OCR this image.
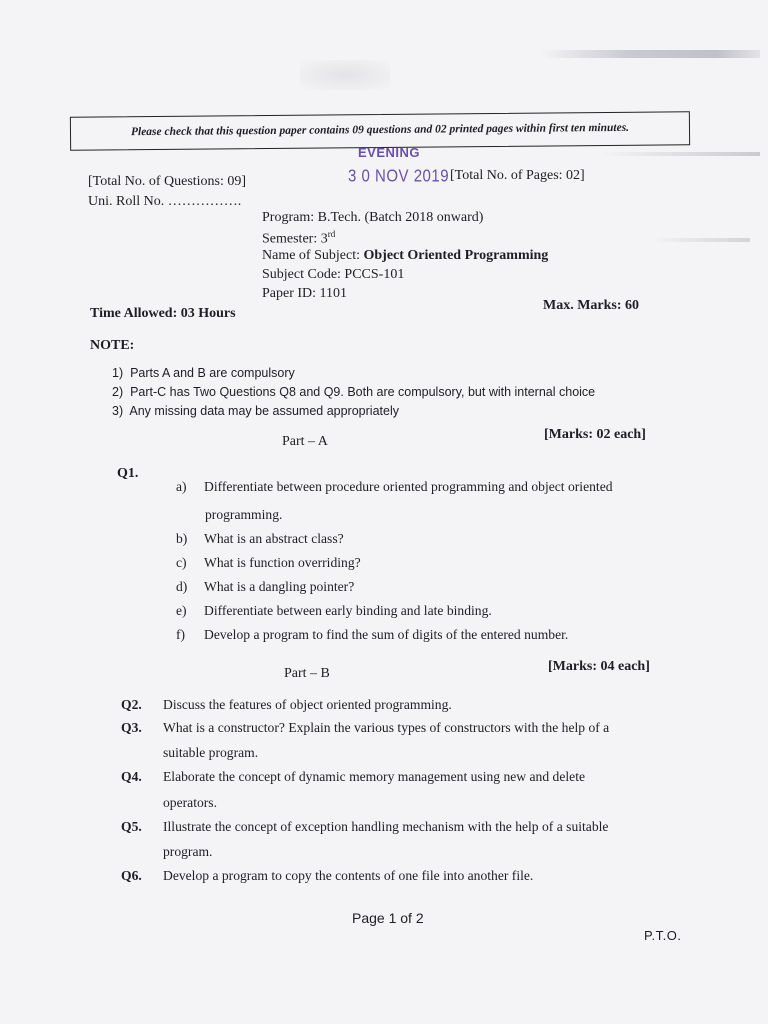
Please check that this question paper contains 09 questions and 02 printed pages within first ten minutes.
EVENING
3 0 NOV 2019
[Total No. of Questions: 09]	[Total No. of Pages: 02]
Uni. Roll No. …………….
Program: B.Tech. (Batch 2018 onward)
Semester: 3rd
Name of Subject: Object Oriented Programming
Subject Code: PCCS-101
Paper ID: 1101
Time Allowed: 03 Hours
Max. Marks: 60
NOTE:
1) Parts A and B are compulsory
2) Part-C has Two Questions Q8 and Q9. Both are compulsory, but with internal choice
3) Any missing data may be assumed appropriately
Part – A	[Marks: 02 each]
Q1.
a) Differentiate between procedure oriented programming and object oriented
programming.
b) What is an abstract class?
c) What is function overriding?
d) What is a dangling pointer?
e) Differentiate between early binding and late binding.
f) Develop a program to find the sum of digits of the entered number.
Part – B	[Marks: 04 each]
Q2. Discuss the features of object oriented programming.
Q3. What is a constructor? Explain the various types of constructors with the help of a
suitable program.
Q4. Elaborate the concept of dynamic memory management using new and delete
operators.
Q5. Illustrate the concept of exception handling mechanism with the help of a suitable
program.
Q6. Develop a program to copy the contents of one file into another file.
Page 1 of 2
P.T.O.
